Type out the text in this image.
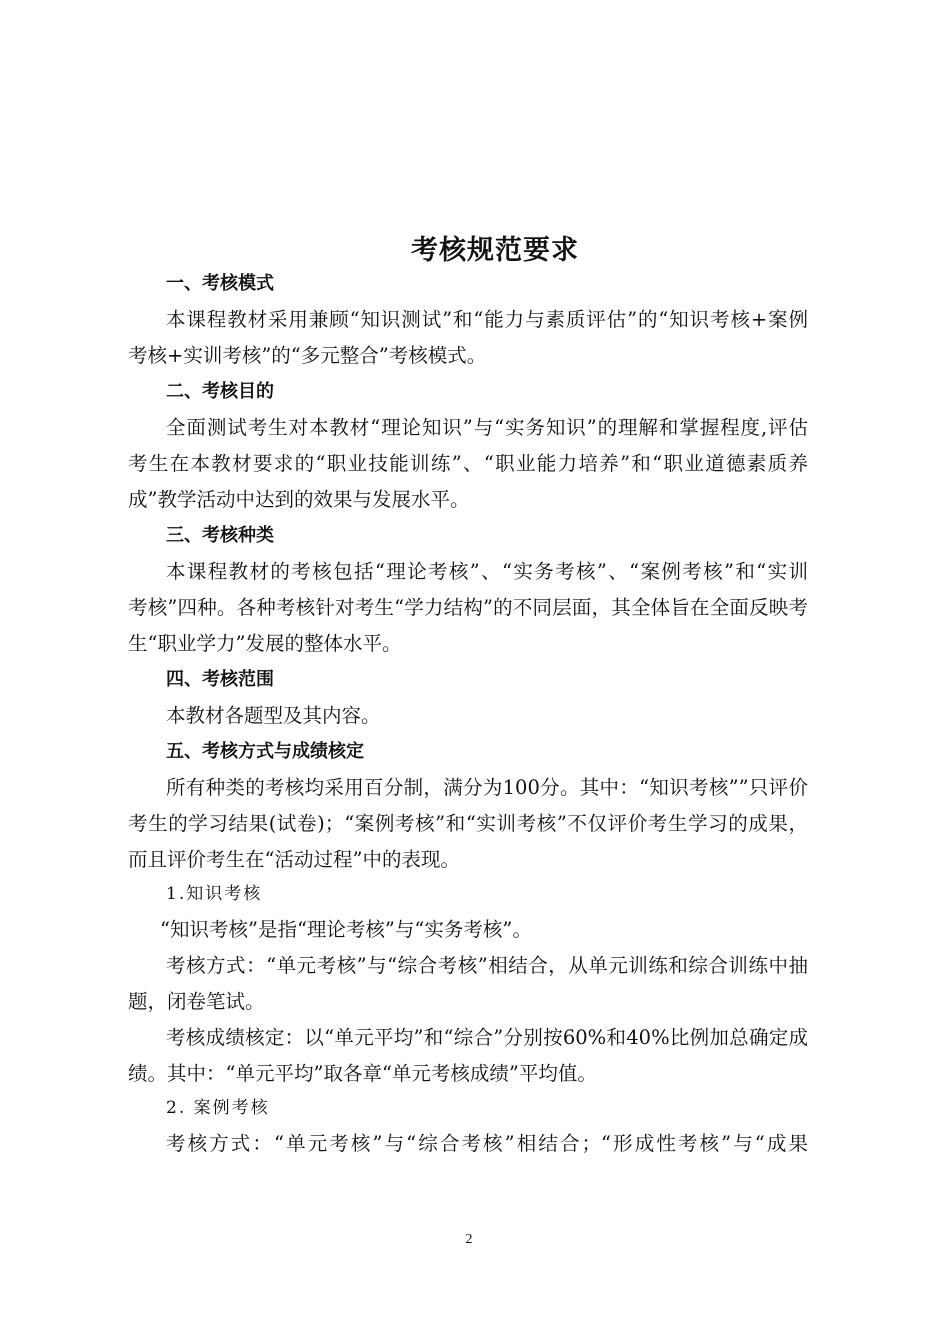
考核规范要求
一、考核模式
本课程教材采用兼顾“知识测试”和“能力与素质评估”的“知识考核+案例
考核+实训考核”的“多元整合”考核模式。
二、考核目的
全面测试考生对本教材“理论知识”与“实务知识”的理解和掌握程度,评估
考生在本教材要求的“职业技能训练”、“职业能力培养”和“职业道德素质养
成”教学活动中达到的效果与发展水平。
三、考核种类
本课程教材的考核包括“理论考核”、“实务考核”、“案例考核”和“实训
考核”四种。各种考核针对考生“学力结构”的不同层面，其全体旨在全面反映考
生“职业学力”发展的整体水平。
四、考核范围
本教材各题型及其内容。
五、考核方式与成绩核定
所有种类的考核均采用百分制，满分为100分。其中：“知识考核””只评价
考生的学习结果(试卷)；“案例考核”和“实训考核”不仅评价考生学习的成果，
而且评价考生在“活动过程”中的表现。
1.知识考核
“知识考核”是指“理论考核”与“实务考核”。
考核方式：“单元考核”与“综合考核”相结合，从单元训练和综合训练中抽
题，闭卷笔试。
考核成绩核定：以“单元平均”和“综合”分别按60%和40%比例加总确定成
绩。其中：“单元平均”取各章“单元考核成绩”平均值。
2. 案例考核
考核方式：“单元考核”与“综合考核”相结合；“形成性考核”与“成果
2
